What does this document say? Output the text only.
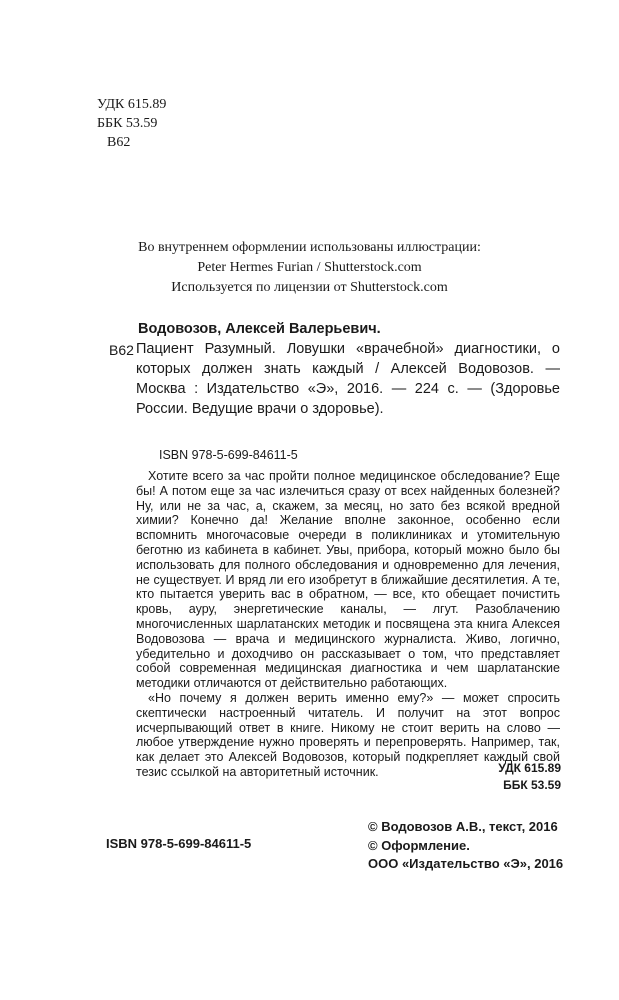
УДК 615.89
ББК 53.59
В62
Во внутреннем оформлении использованы иллюстрации:
Peter Hermes Furian / Shutterstock.com
Используется по лицензии от Shutterstock.com
Водовозов, Алексей Валерьевич.
В62 Пациент Разумный. Ловушки «врачебной» диагностики, о которых должен знать каждый / Алексей Водовозов. — Москва : Издательство «Э», 2016. — 224 с. — (Здоровье России. Ведущие врачи о здоровье).

ISBN 978-5-699-84611-5

Хотите всего за час пройти полное медицинское обследование? Еще бы! А потом еще за час излечиться сразу от всех найденных болезней? Ну, или не за час, а, скажем, за месяц, но зато без всякой вредной химии? Конечно да! Желание вполне законное, особенно если вспомнить многочасовые очереди в поликлиниках и утомительную беготню из кабинета в кабинет. Увы, прибора, который можно было бы использовать для полного обследования и одновременно для лечения, не существует. И вряд ли его изобретут в ближайшие десятилетия. А те, кто пытается уверить вас в обратном, — все, кто обещает почистить кровь, ауру, энергетические каналы, — лгут. Разоблачению многочисленных шарлатанских методик и посвящена эта книга Алексея Водовозова — врача и медицинского журналиста. Живо, логично, убедительно и доходчиво он рассказывает о том, что представляет собой современная медицинская диагностика и чем шарлатанские методики отличаются от действительно работающих.

«Но почему я должен верить именно ему?» — может спросить скептически настроенный читатель. И получит на этот вопрос исчерпывающий ответ в книге. Никому не стоит верить на слово — любое утверждение нужно проверять и перепроверять. Например, так, как делает это Алексей Водовозов, который подкрепляет каждый свой тезис ссылкой на авторитетный источник.	УДК 615.89
ББК 53.59
ISBN 978-5-699-84611-5
© Водовозов А.В., текст, 2016
© Оформление.
ООО «Издательство «Э», 2016
